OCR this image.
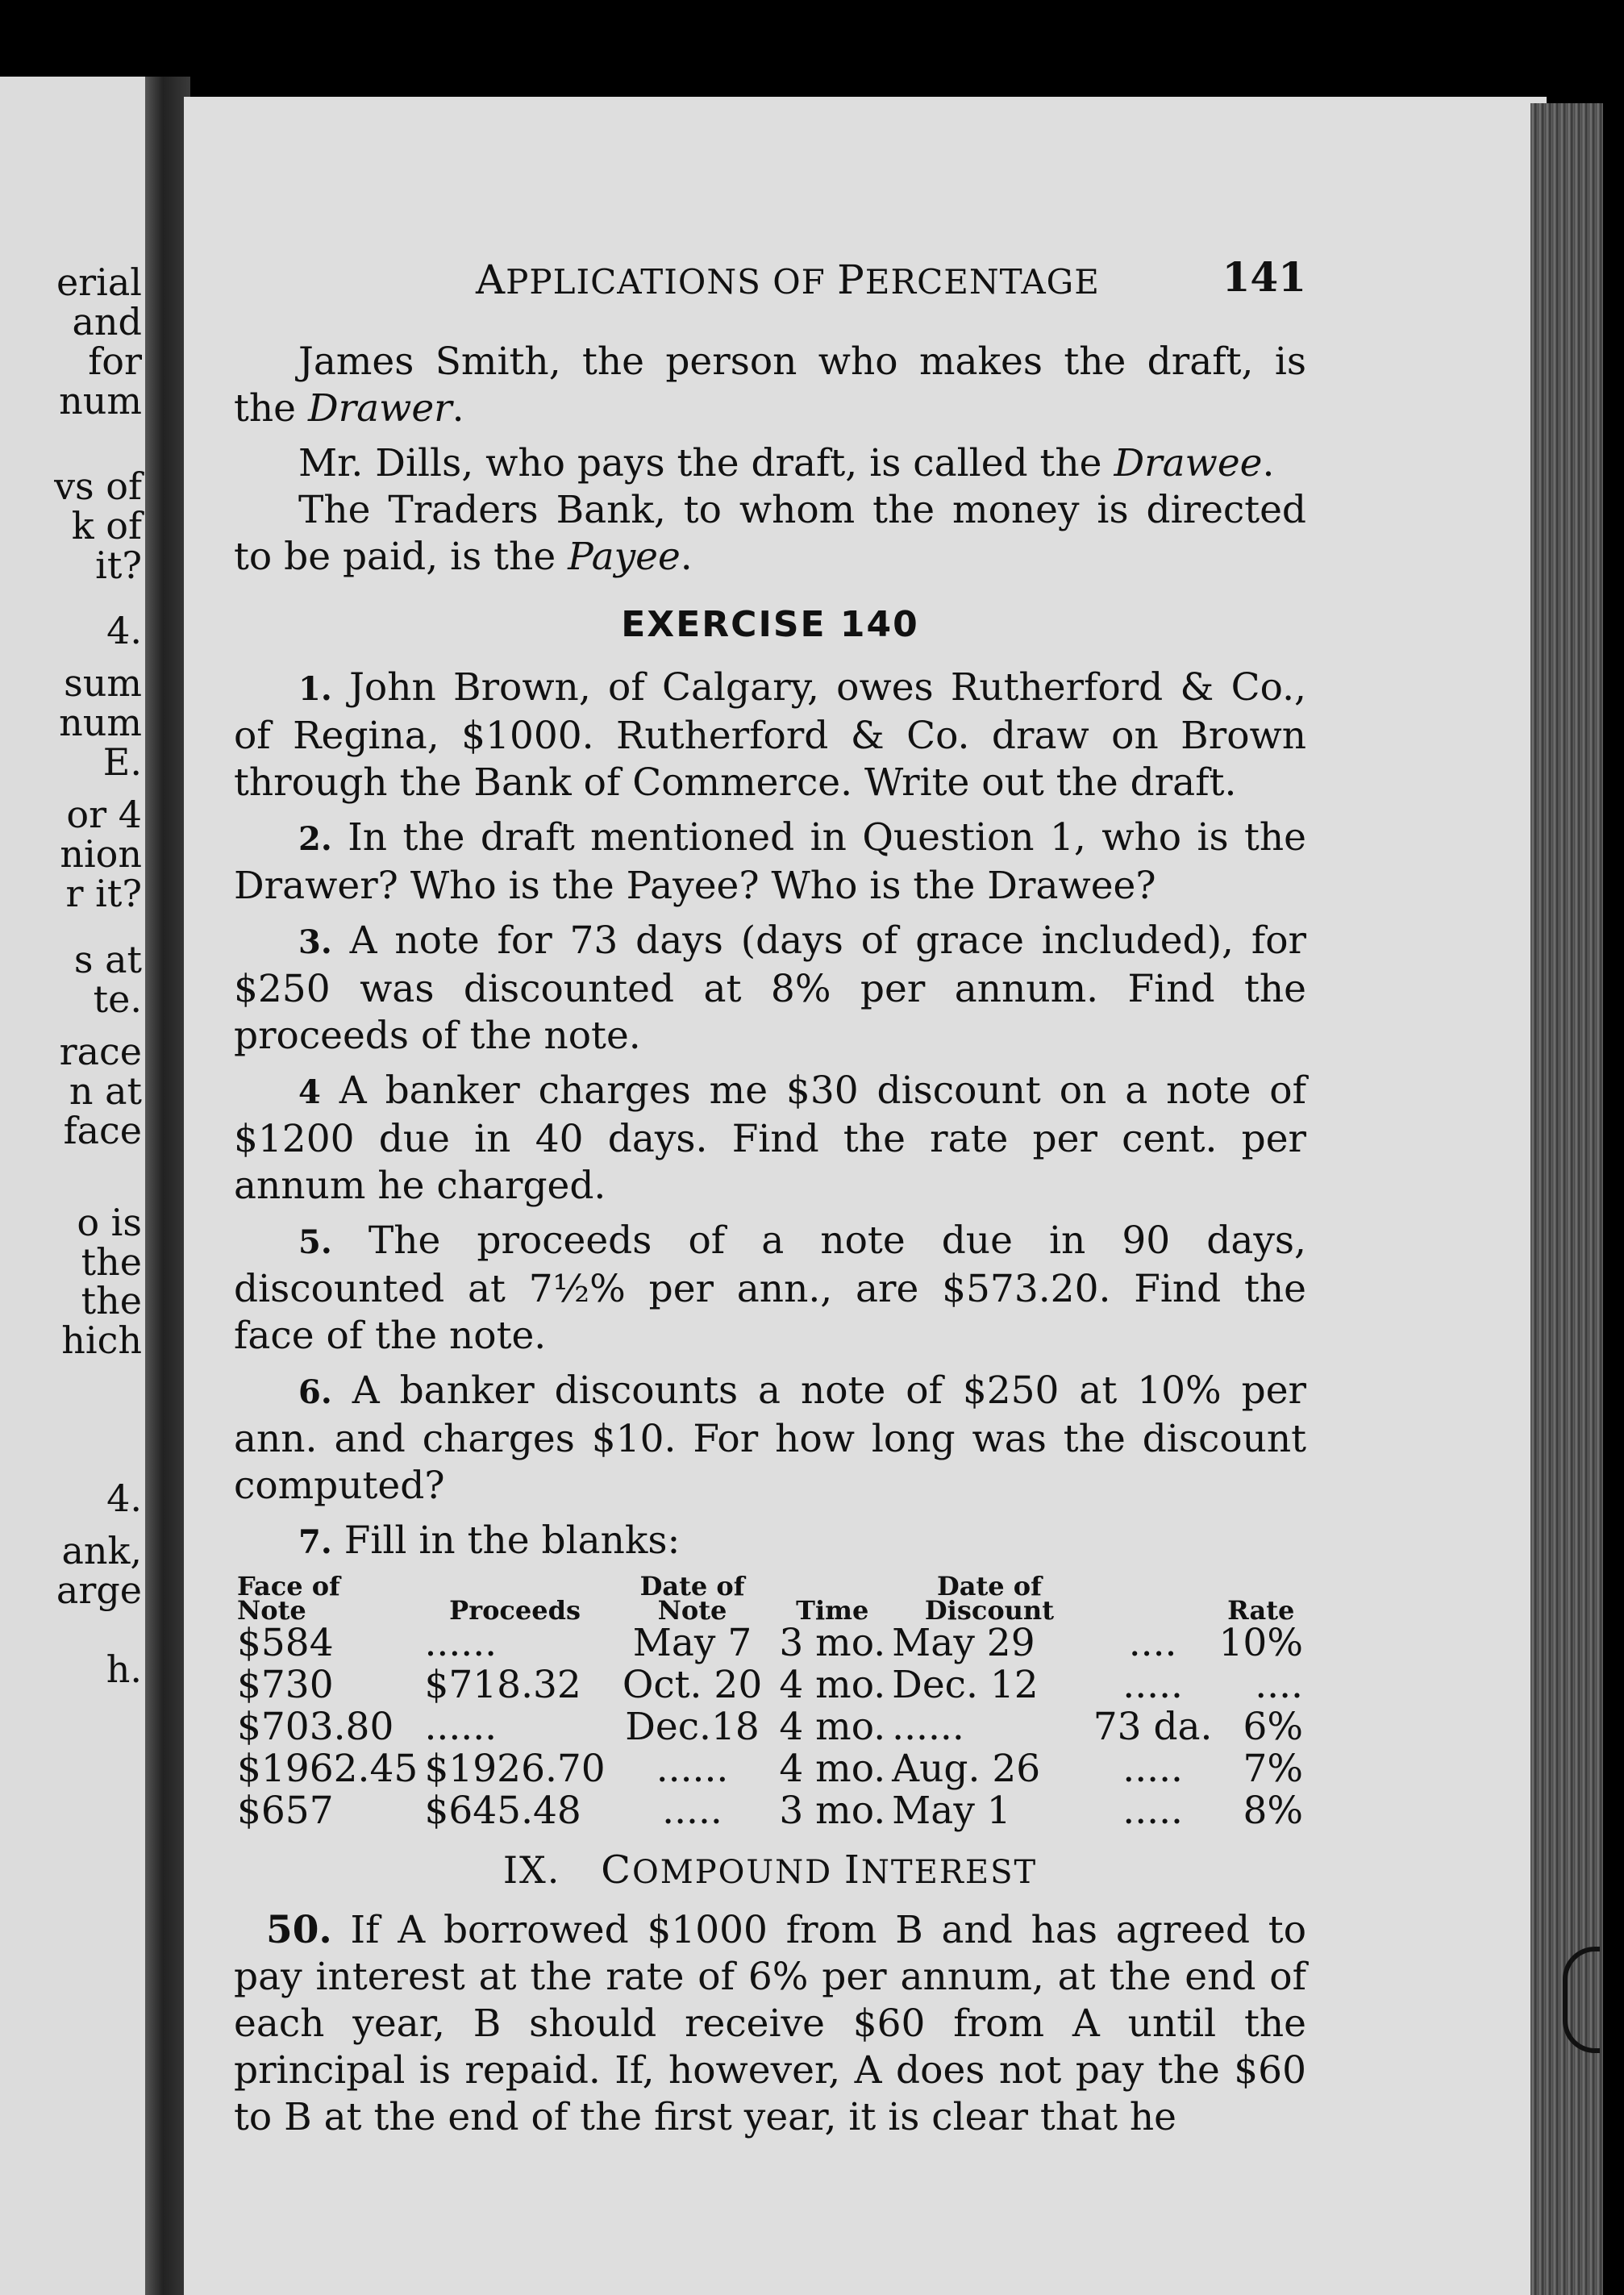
erial
and
for
num
vs of
k of
it?
4.
sum
num
E.
or 4
nion
r it?
s at
te.
race
n at
face
o is
the
the
hich
4.
ank,
arge
h.
APPLICATIONS OF PERCENTAGE	141

James Smith, the person who makes the draft, is the Drawer.

Mr. Dills, who pays the draft, is called the Drawee.

The Traders Bank, to whom the money is directed to be paid, is the Payee.

EXERCISE 140

1. John Brown, of Calgary, owes Rutherford & Co., of Regina, $1000. Rutherford & Co. draw on Brown through the Bank of Commerce. Write out the draft.

2. In the draft mentioned in Question 1, who is the Drawer? Who is the Payee? Who is the Drawee?

3. A note for 73 days (days of grace included), for $250 was discounted at 8% per annum. Find the proceeds of the note.

4 A banker charges me $30 discount on a note of $1200 due in 40 days. Find the rate per cent. per annum he charged.

5. The proceeds of a note due in 90 days, discounted at 7½% per ann., are $573.20. Find the face of the note.

6. A banker discounts a note of $250 at 10% per ann. and charges $10. For how long was the discount computed?

7. Fill in the blanks:

Face of Note	Proceeds	Date of Note	Time	Date of Discount		Rate
$584	......	May 7	3 mo.	May 29	....	10%
$730	$718.32	Oct. 20	4 mo.	Dec. 12	.....	....
$703.80	......	Dec.18	4 mo.	......	73 da.	6%
$1962.45	$1926.70	......	4 mo.	Aug. 26	.....	7%
$657	$645.48	.....	3 mo.	May 1	.....	8%
IX. COMPOUND INTEREST

50. If A borrowed $1000 from B and has agreed to pay interest at the rate of 6% per annum, at the end of each year, B should receive $60 from A until the principal is repaid. If, however, A does not pay the $60 to B at the end of the first year, it is clear that he
